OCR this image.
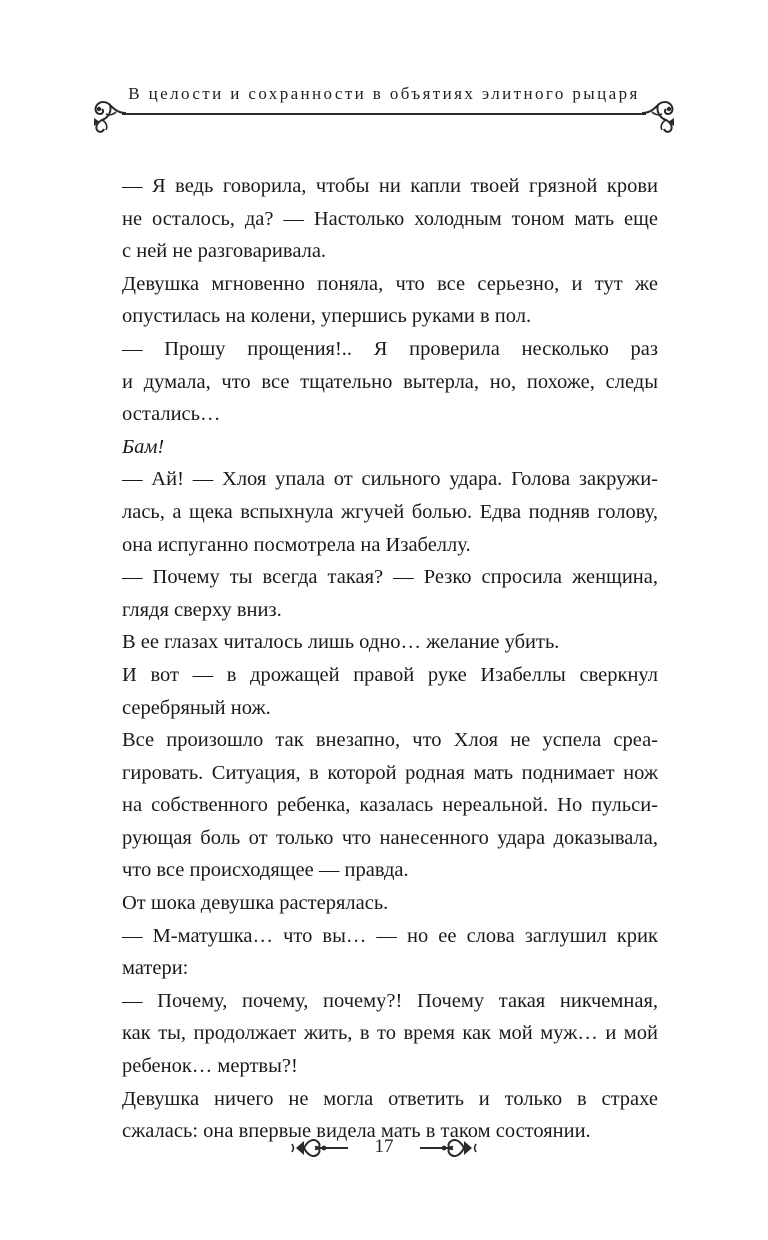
В целости и сохранности в объятиях элитного рыцаря
— Я ведь говорила, чтобы ни капли твоей грязной крови
не осталось, да? — Настолько холодным тоном мать еще
с ней не разговаривала.
Девушка мгновенно поняла, что все серьезно, и тут же
опустилась на колени, упершись руками в пол.
— Прошу прощения!.. Я проверила несколько раз
и думала, что все тщательно вытерла, но, похоже, следы
остались…
Бам!
— Ай! — Хлоя упала от сильного удара. Голова закружи-
лась, а щека вспыхнула жгучей болью. Едва подняв голову,
она испуганно посмотрела на Изабеллу.
— Почему ты всегда такая? — Резко спросила женщина,
глядя сверху вниз.
В ее глазах читалось лишь одно… желание убить.
И вот — в дрожащей правой руке Изабеллы сверкнул
серебряный нож.
Все произошло так внезапно, что Хлоя не успела среа-
гировать. Ситуация, в которой родная мать поднимает нож
на собственного ребенка, казалась нереальной. Но пульси-
рующая боль от только что нанесенного удара доказывала,
что все происходящее — правда.
От шока девушка растерялась.
— М-матушка… что вы… — но ее слова заглушил крик
матери:
— Почему, почему, почему?! Почему такая никчемная,
как ты, продолжает жить, в то время как мой муж… и мой
ребенок… мертвы?!
Девушка ничего не могла ответить и только в страхе
сжалась: она впервые видела мать в таком состоянии.
17
